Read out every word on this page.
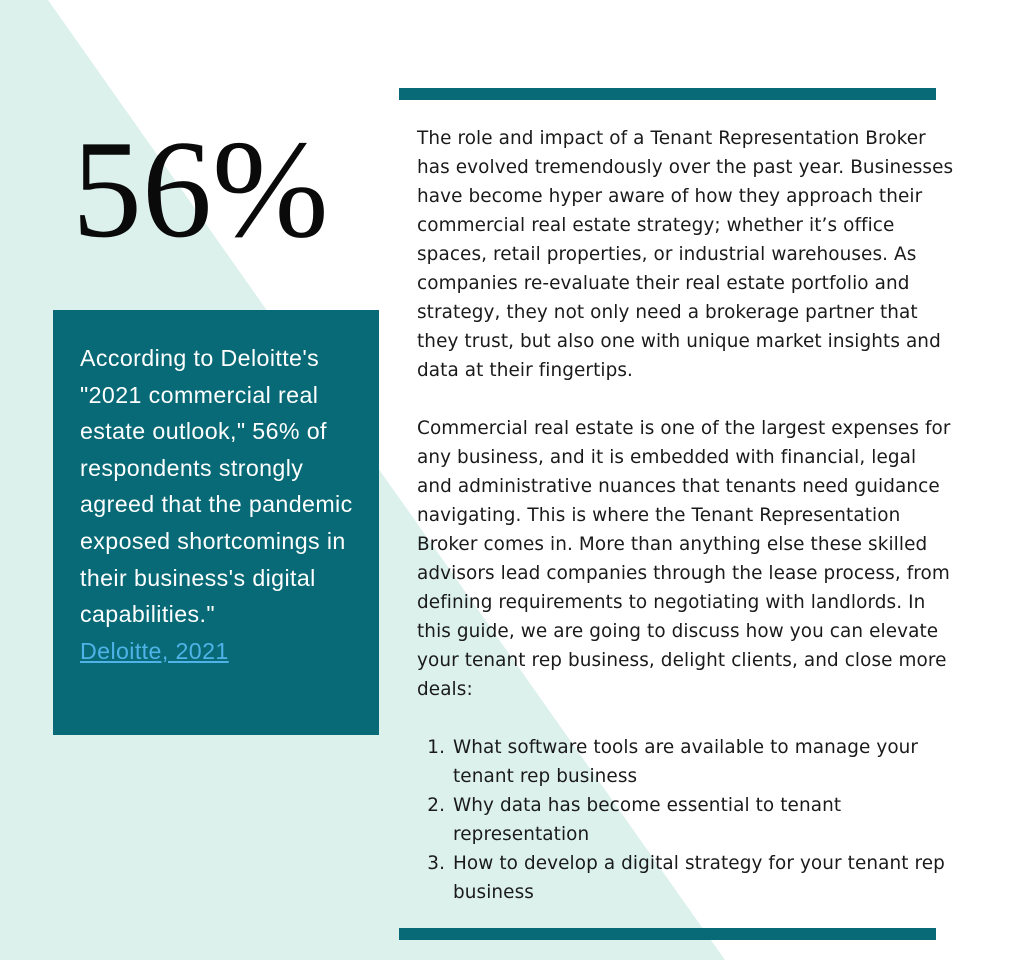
56%

According to Deloitte's "2021 commercial real estate outlook," 56% of respondents strongly agreed that the pandemic exposed shortcomings in their business's digital capabilities."

Deloitte, 2021

The role and impact of a Tenant Representation Broker has evolved tremendously over the past year. Businesses have become hyper aware of how they approach their commercial real estate strategy; whether it’s office spaces, retail properties, or industrial warehouses. As companies re-evaluate their real estate portfolio and strategy, they not only need a brokerage partner that they trust, but also one with unique market insights and data at their fingertips.

Commercial real estate is one of the largest expenses for any business, and it is embedded with financial, legal and administrative nuances that tenants need guidance navigating. This is where the Tenant Representation Broker comes in. More than anything else these skilled advisors lead companies through the lease process, from defining requirements to negotiating with landlords. In this guide, we are going to discuss how you can elevate your tenant rep business, delight clients, and close more deals:

1. What software tools are available to manage your tenant rep business
2. Why data has become essential to tenant representation
3. How to develop a digital strategy for your tenant rep business
